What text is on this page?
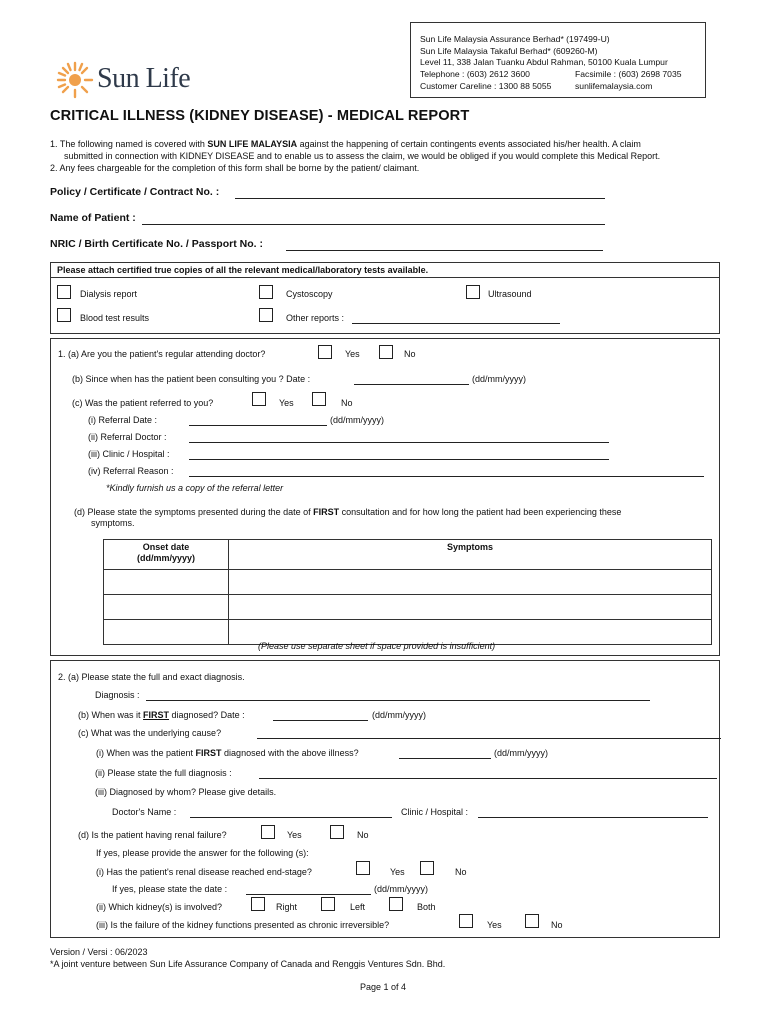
Sun Life
Sun Life Malaysia Assurance Berhad* (197499-U)
Sun Life Malaysia Takaful Berhad* (609260-M)
Level 11, 338 Jalan Tuanku Abdul Rahman, 50100 Kuala Lumpur
Telephone : (603) 2612 3600	Facsimile : (603) 2698 7035
Customer Careline : 1300 88 5055	sunlifemalaysia.com
CRITICAL ILLNESS (KIDNEY DISEASE) - MEDICAL REPORT
1. The following named is covered with SUN LIFE MALAYSIA against the happening of certain contingents events associated his/her health. A claim
submitted in connection with KIDNEY DISEASE and to enable us to assess the claim, we would be obliged if you would complete this Medical Report.
2. Any fees chargeable for the completion of this form shall be borne by the patient/ claimant.
Policy / Certificate / Contract No. :
Name of Patient :
NRIC / Birth Certificate No. / Passport No. :
Please attach certified true copies of all the relevant medical/laboratory tests available.
Dialysis report	Cystoscopy	Ultrasound
Blood test results	Other reports :
1. (a) Are you the patient's regular attending doctor?	Yes	No
(b) Since when has the patient been consulting you ? Date :	(dd/mm/yyyy)
(c) Was the patient referred to you?	Yes	No
(i) Referral Date :	(dd/mm/yyyy)
(ii) Referral Doctor :
(iii) Clinic / Hospital :
(iv) Referral Reason :
*Kindly furnish us a copy of the referral letter
(d) Please state the symptoms presented during the date of FIRST consultation and for how long the patient had been experiencing these
symptoms.
Onset date
(dd/mm/yyyy)	Symptoms

(Please use separate sheet if space provided is insufficient)
2. (a) Please state the full and exact diagnosis.
Diagnosis :
(b) When was it FIRST diagnosed? Date :	(dd/mm/yyyy)
(c) What was the underlying cause?
(i) When was the patient FIRST diagnosed with the above illness?	(dd/mm/yyyy)
(ii) Please state the full diagnosis :
(iii) Diagnosed by whom? Please give details.
Doctor's Name :	Clinic / Hospital :
(d) Is the patient having renal failure?	Yes	No
If yes, please provide the answer for the following (s):
(i) Has the patient's renal disease reached end-stage?	Yes	No
If yes, please state the date :	(dd/mm/yyyy)
(ii) Which kidney(s) is involved?	Right	Left	Both
(iii) Is the failure of the kidney functions presented as chronic irreversible?	Yes	No
Version / Versi : 06/2023
*A joint venture between Sun Life Assurance Company of Canada and Renggis Ventures Sdn. Bhd.
Page 1 of 4
